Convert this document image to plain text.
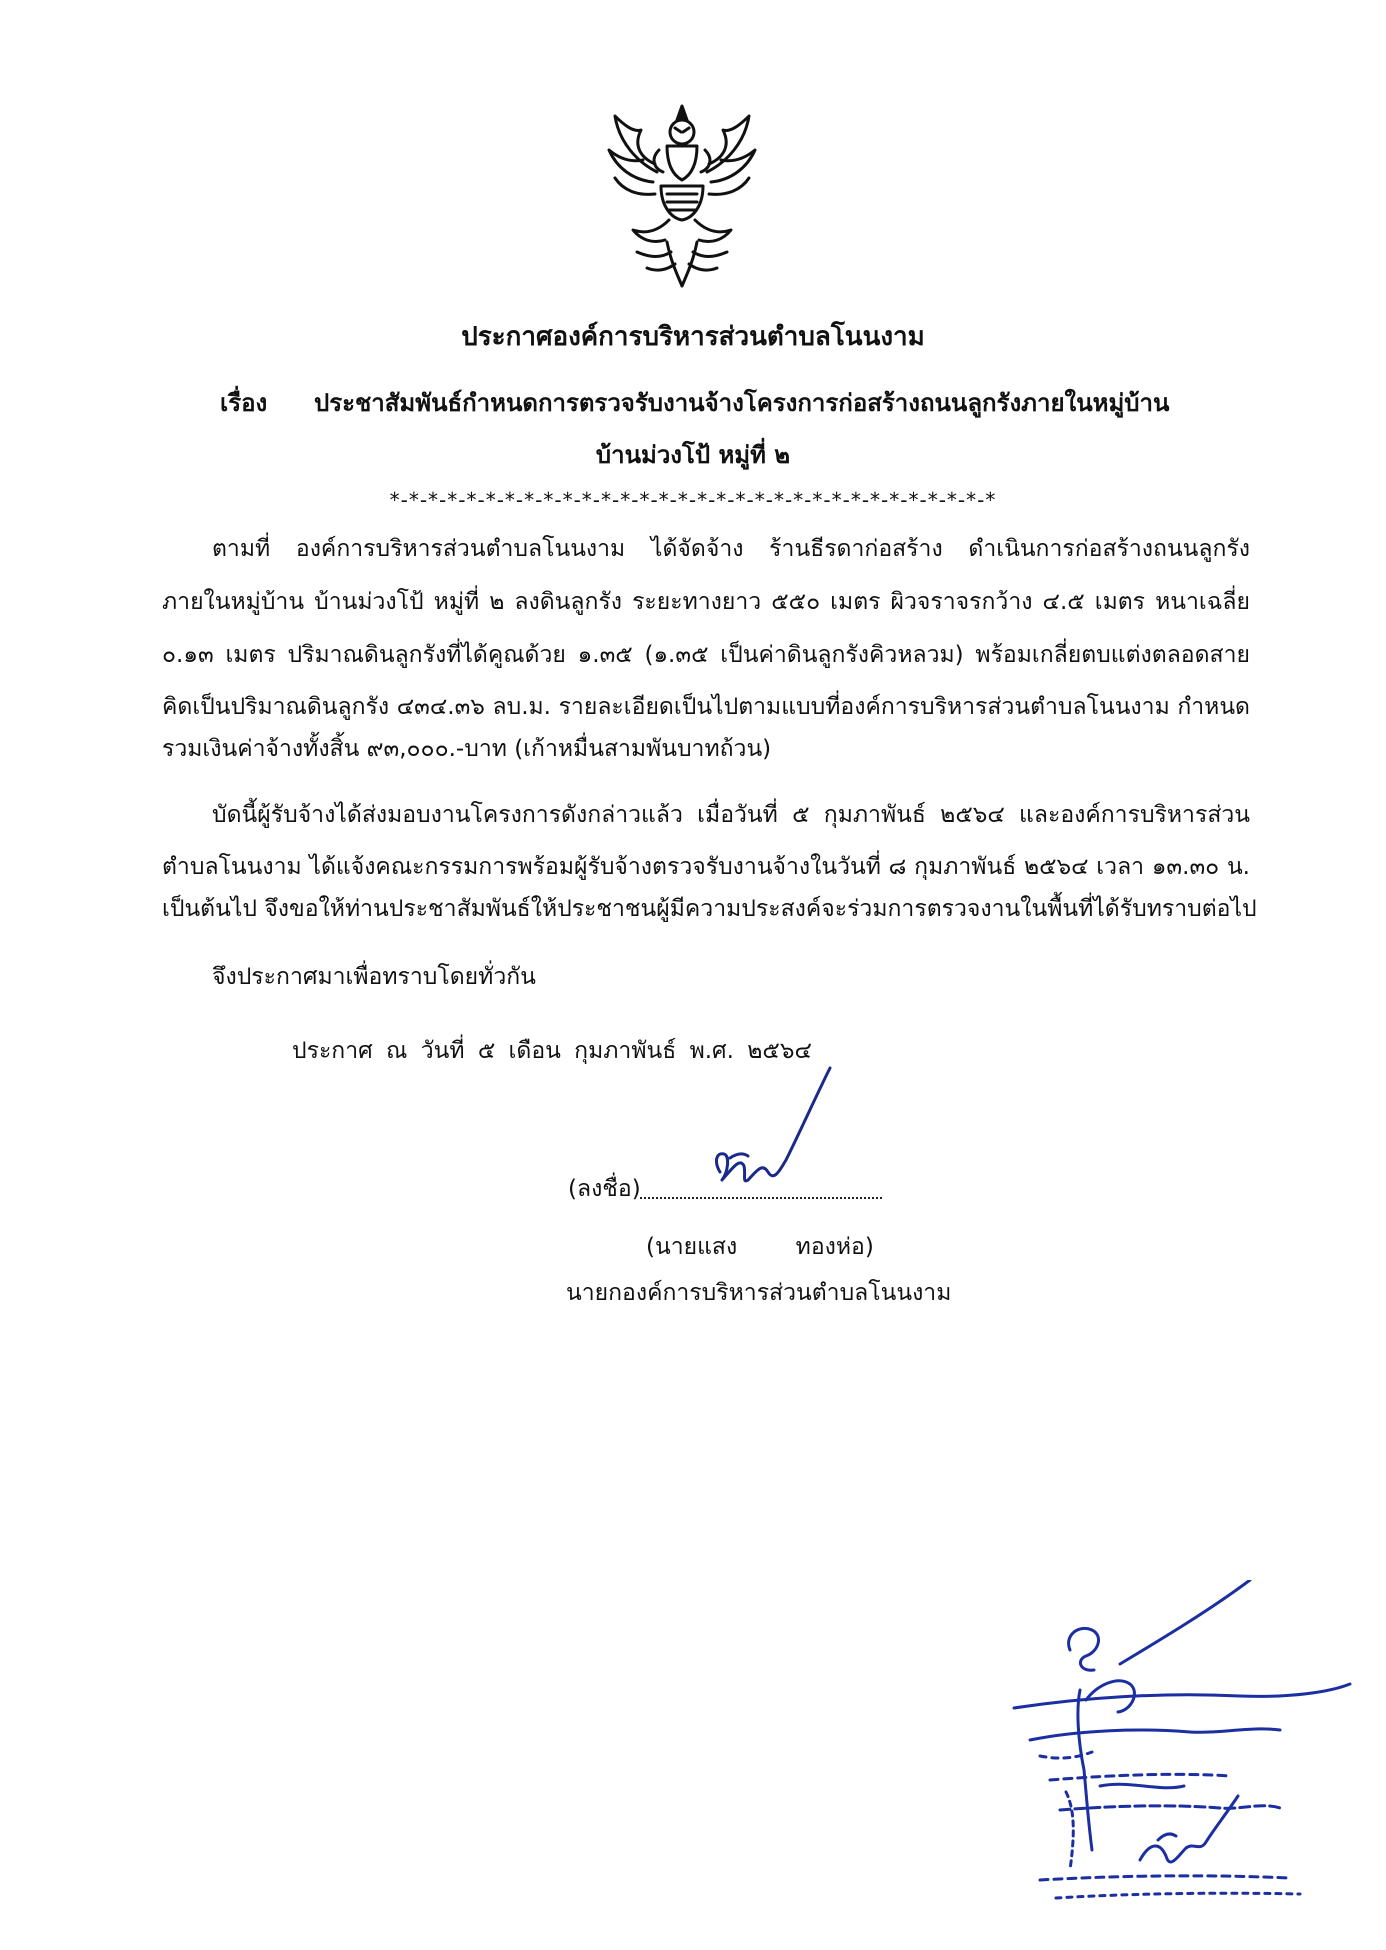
ประกาศองค์การบริหารส่วนตำบลโนนงาม
เรื่อง ประชาสัมพันธ์กำหนดการตรวจรับงานจ้างโครงการก่อสร้างถนนลูกรังภายในหมู่บ้าน
บ้านม่วงโป้ หมู่ที่ ๒
*-*-*-*-*-*-*-*-*-*-*-*-*-*-*-*-*-*-*-*-*-*-*-*-*-*-*-*-*-*-*-*
ตามที่ องค์การบริหารส่วนตำบลโนนงาม ได้จัดจ้าง ร้านธีรดาก่อสร้าง ดำเนินการก่อสร้างถนนลูกรัง
ภายในหมู่บ้าน บ้านม่วงโป้ หมู่ที่ ๒ ลงดินลูกรัง ระยะทางยาว ๕๕๐ เมตร ผิวจราจรกว้าง ๔.๕ เมตร หนาเฉลี่ย
๐.๑๓ เมตร ปริมาณดินลูกรังที่ได้คูณด้วย ๑.๓๕ (๑.๓๕ เป็นค่าดินลูกรังคิวหลวม) พร้อมเกลี่ยตบแต่งตลอดสาย
คิดเป็นปริมาณดินลูกรัง ๔๓๔.๓๖ ลบ.ม. รายละเอียดเป็นไปตามแบบที่องค์การบริหารส่วนตำบลโนนงาม กำหนด
รวมเงินค่าจ้างทั้งสิ้น ๙๓,๐๐๐.-บาท (เก้าหมื่นสามพันบาทถ้วน)
บัดนี้ผู้รับจ้างได้ส่งมอบงานโครงการดังกล่าวแล้ว เมื่อวันที่ ๕ กุมภาพันธ์ ๒๕๖๔ และองค์การบริหารส่วน
ตำบลโนนงาม ได้แจ้งคณะกรรมการพร้อมผู้รับจ้างตรวจรับงานจ้างในวันที่ ๘ กุมภาพันธ์ ๒๕๖๔ เวลา ๑๓.๓๐ น.
เป็นต้นไป จึงขอให้ท่านประชาสัมพันธ์ให้ประชาชนผู้มีความประสงค์จะร่วมการตรวจงานในพื้นที่ได้รับทราบต่อไป
จึงประกาศมาเพื่อทราบโดยทั่วกัน
ประกาศ ณ วันที่ ๕ เดือน กุมภาพันธ์ พ.ศ. ๒๕๖๔
(ลงชื่อ)
(นายแสง        ทองห่อ)
นายกองค์การบริหารส่วนตำบลโนนงาม
